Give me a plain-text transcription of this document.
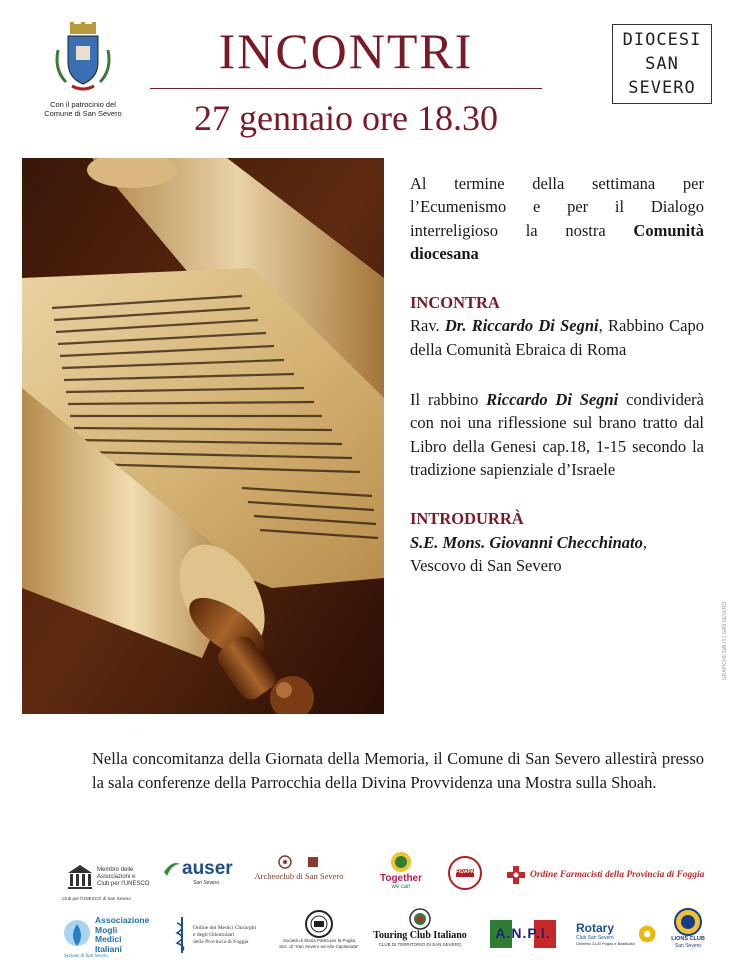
Con il patrocinio del
Comune di San Severo
INCONTRI
27 gennaio ore 18.30
DIOCESI
SAN
SEVERO

Al termine della settimana per l’Ecumenismo e per il Dialogo interreligioso la nostra Comunità diocesana

INCONTRA

Rav. Dr. Riccardo Di Segni, Rabbino Capo della Comunità Ebraica di Roma

Il rabbino Riccardo Di Segni condividerà con noi una riflessione sul brano tratto dal Libro della Genesi cap.18, 1-15 secondo la tradizione sapienziale d’Israele

INTRODURRÀ

S.E. Mons. Giovanni Checchinato,
Vescovo di San Severo

GRAFICHE DALIS | SAN SEVERO

Nella concomitanza della Giornata della Memoria, il Comune di San Severo allestirà presso la sala conferenze della Parrocchia della Divina Provvidenza una Mostra sulla Shoah.

Membro delle
Associazioni e
Club per l'UNESCO
Club per l'UNESCO di San Severo
auser
San Severo
Archeoclub di San Severo	Together
we can
FIDAPA	Ordine Farmacisti della Provincia di Foggia
Associazione
Mogli
Medici
Italiani
Sezione di San Severo
Ordine dei Medici Chirurghi
e degli Odontoiatri
della Provincia di Foggia	Società di Storia Patria per la Puglia
Sez. di "San Severo ed Alto Capitanata"
Touring Club Italiano
CLUB DI TERRITORIO DI SAN SEVERO
A.N.P.I.	Rotary
Club San Severo
Distretto 2120 Puglia e Basilicata
LIONS CLUB
San Severo
